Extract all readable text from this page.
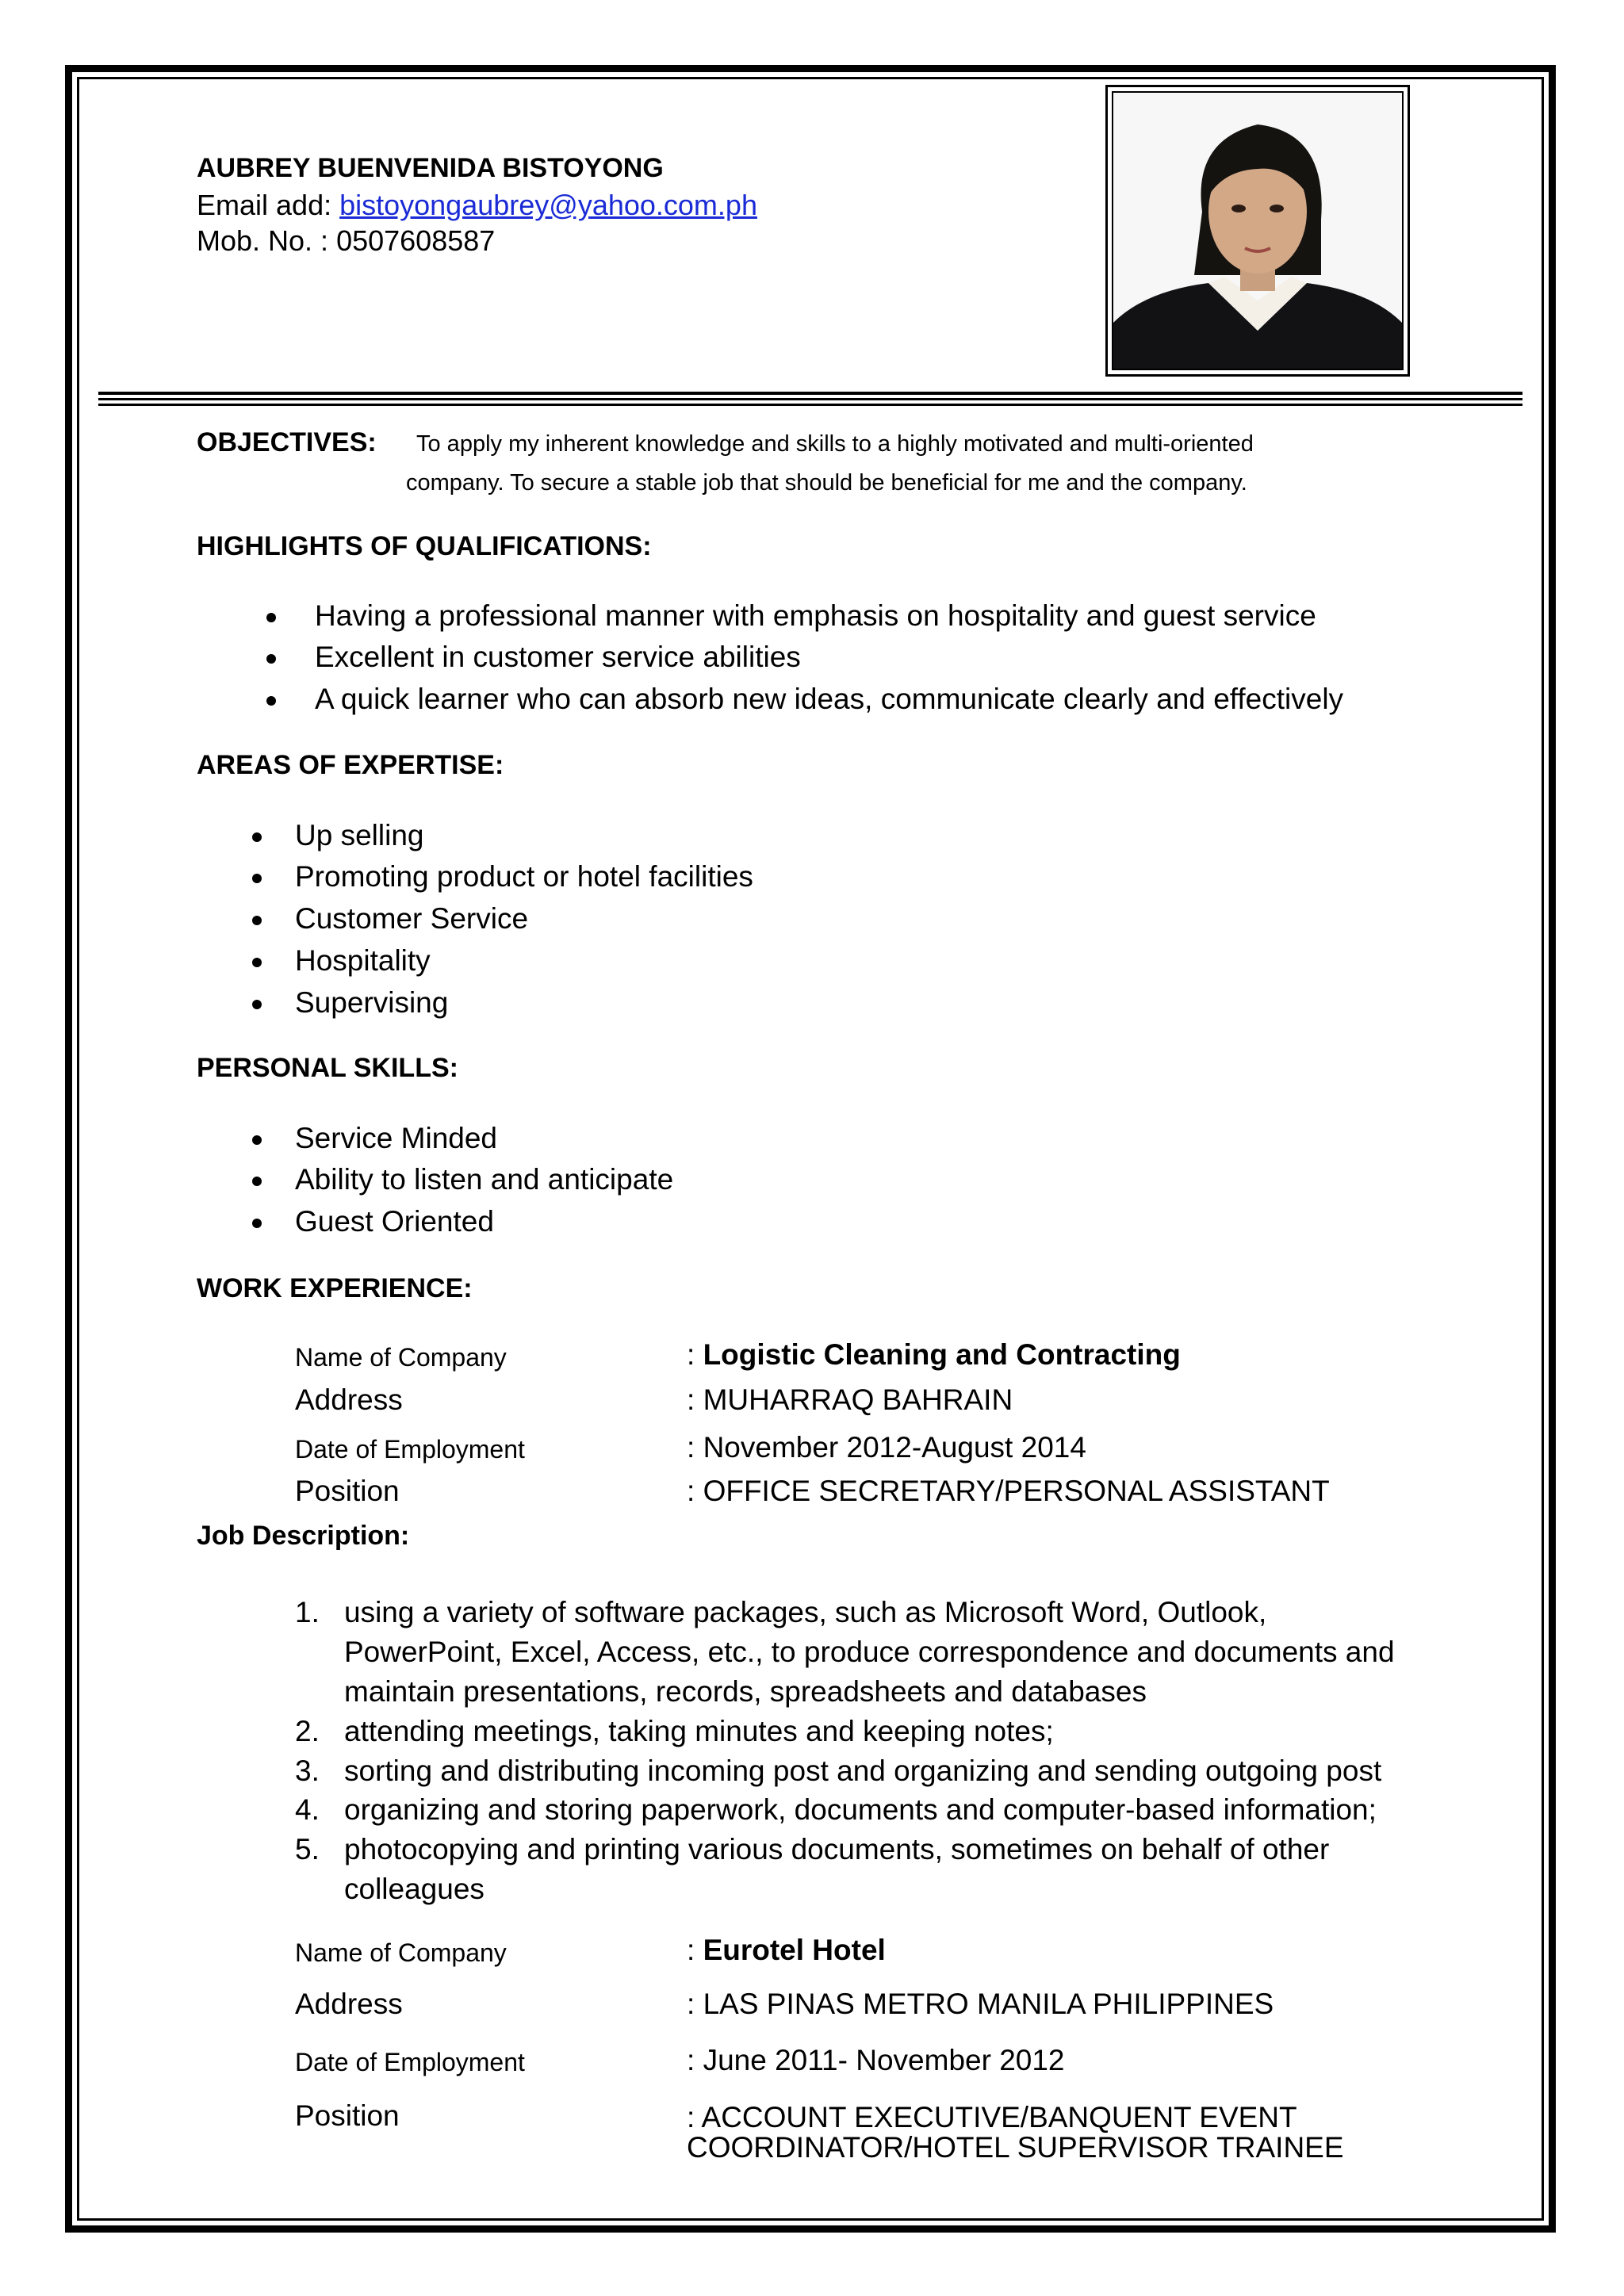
AUBREY BUENVENIDA BISTOYONG
Email add: bistoyongaubrey@yahoo.com.ph
Mob. No. : 0507608587
OBJECTIVES: To apply my inherent knowledge and skills to a highly motivated and multi-oriented
company. To secure a stable job that should be beneficial for me and the company.
HIGHLIGHTS OF QUALIFICATIONS:
Having a professional manner with emphasis on hospitality and guest service
Excellent in customer service abilities
A quick learner who can absorb new ideas, communicate clearly and effectively
AREAS OF EXPERTISE:
Up selling
Promoting product or hotel facilities
Customer Service
Hospitality
Supervising
PERSONAL SKILLS:
Service Minded
Ability to listen and anticipate
Guest Oriented
WORK EXPERIENCE:
Name of Company	: Logistic Cleaning and Contracting
Address	: MUHARRAQ BAHRAIN
Date of Employment	: November 2012-August 2014
Position	: OFFICE SECRETARY/PERSONAL ASSISTANT
Job Description:
1. using a variety of software packages, such as Microsoft Word, Outlook,
PowerPoint, Excel, Access, etc., to produce correspondence and documents and
maintain presentations, records, spreadsheets and databases
2. attending meetings, taking minutes and keeping notes;
3. sorting and distributing incoming post and organizing and sending outgoing post
4. organizing and storing paperwork, documents and computer-based information;
5. photocopying and printing various documents, sometimes on behalf of other
colleagues
Name of Company	: Eurotel Hotel
Address	: LAS PINAS METRO MANILA PHILIPPINES
Date of Employment	: June 2011- November 2012
Position	: ACCOUNT EXECUTIVE/BANQUENT EVENT
COORDINATOR/HOTEL SUPERVISOR TRAINEE
